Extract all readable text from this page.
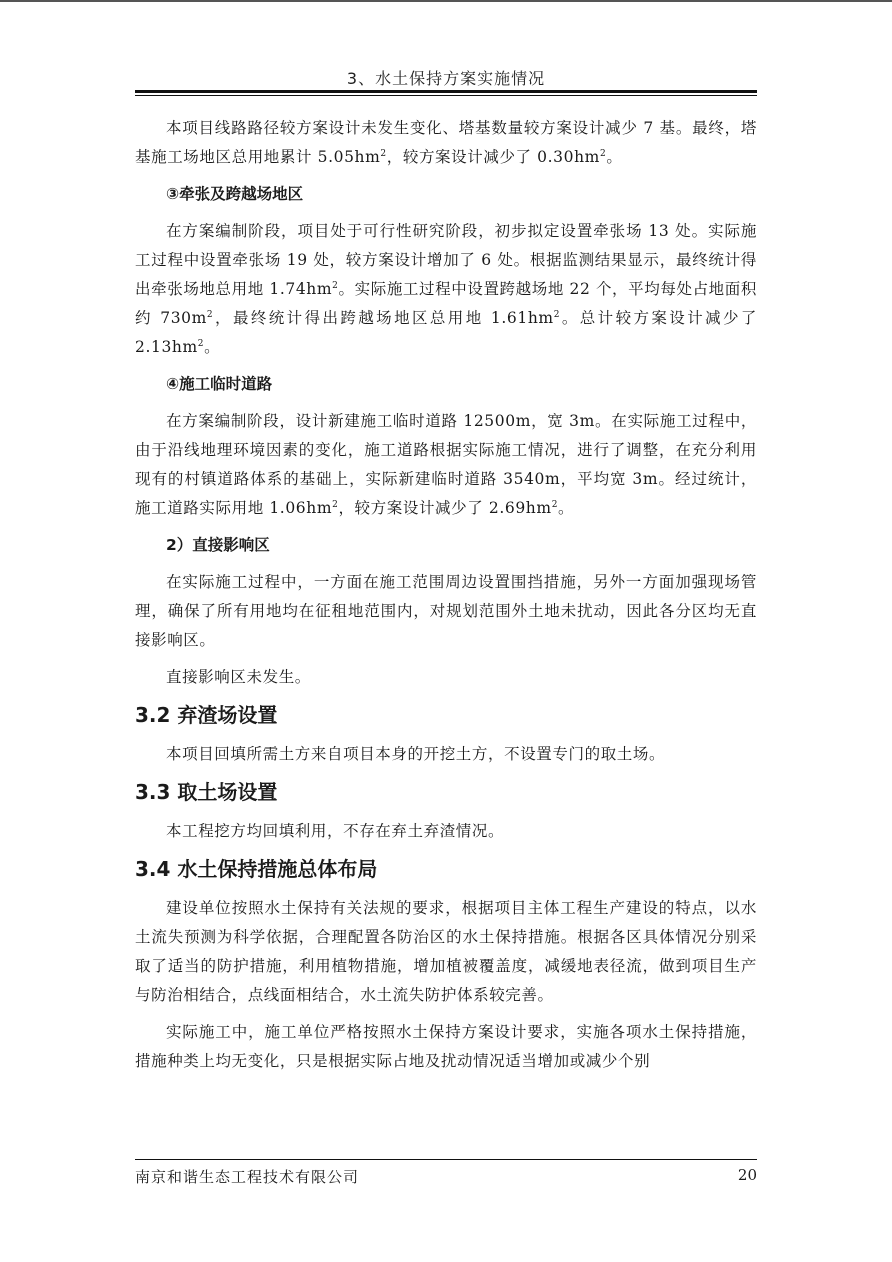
3、水土保持方案实施情况

本项目线路路径较方案设计未发生变化、塔基数量较方案设计减少 7 基。最终，塔基施工场地区总用地累计 $5.05hm^2$，较方案设计减少了 $0.30hm^2$。

③牵张及跨越场地区

在方案编制阶段，项目处于可行性研究阶段，初步拟定设置牵张场 13 处。实际施工过程中设置牵张场 19 处，较方案设计增加了 6 处。根据监测结果显示，最终统计得出牵张场地总用地 $1.74hm^2$。实际施工过程中设置跨越场地 22 个，平均每处占地面积约 $730m^2$，最终统计得出跨越场地区总用地 $1.61hm^2$。总计较方案设计减少了 $2.13hm^2$。

④施工临时道路

在方案编制阶段，设计新建施工临时道路 12500m，宽 3m。在实际施工过程中，由于沿线地理环境因素的变化，施工道路根据实际施工情况，进行了调整，在充分利用现有的村镇道路体系的基础上，实际新建临时道路 3540m，平均宽 3m。经过统计，施工道路实际用地 $1.06hm^2$，较方案设计减少了 $2.69hm^2$。

2）直接影响区

在实际施工过程中，一方面在施工范围周边设置围挡措施，另外一方面加强现场管理，确保了所有用地均在征租地范围内，对规划范围外土地未扰动，因此各分区均无直接影响区。

直接影响区未发生。

3.2 弃渣场设置

本项目回填所需土方来自项目本身的开挖土方，不设置专门的取土场。

3.3 取土场设置

本工程挖方均回填利用，不存在弃土弃渣情况。

3.4 水土保持措施总体布局

建设单位按照水土保持有关法规的要求，根据项目主体工程生产建设的特点，以水土流失预测为科学依据，合理配置各防治区的水土保持措施。根据各区具体情况分别采取了适当的防护措施，利用植物措施，增加植被覆盖度，减缓地表径流，做到项目生产与防治相结合，点线面相结合，水土流失防护体系较完善。

实际施工中，施工单位严格按照水土保持方案设计要求，实施各项水土保持措施，措施种类上均无变化，只是根据实际占地及扰动情况适当增加或减少个别

南京和谐生态工程技术有限公司	20
